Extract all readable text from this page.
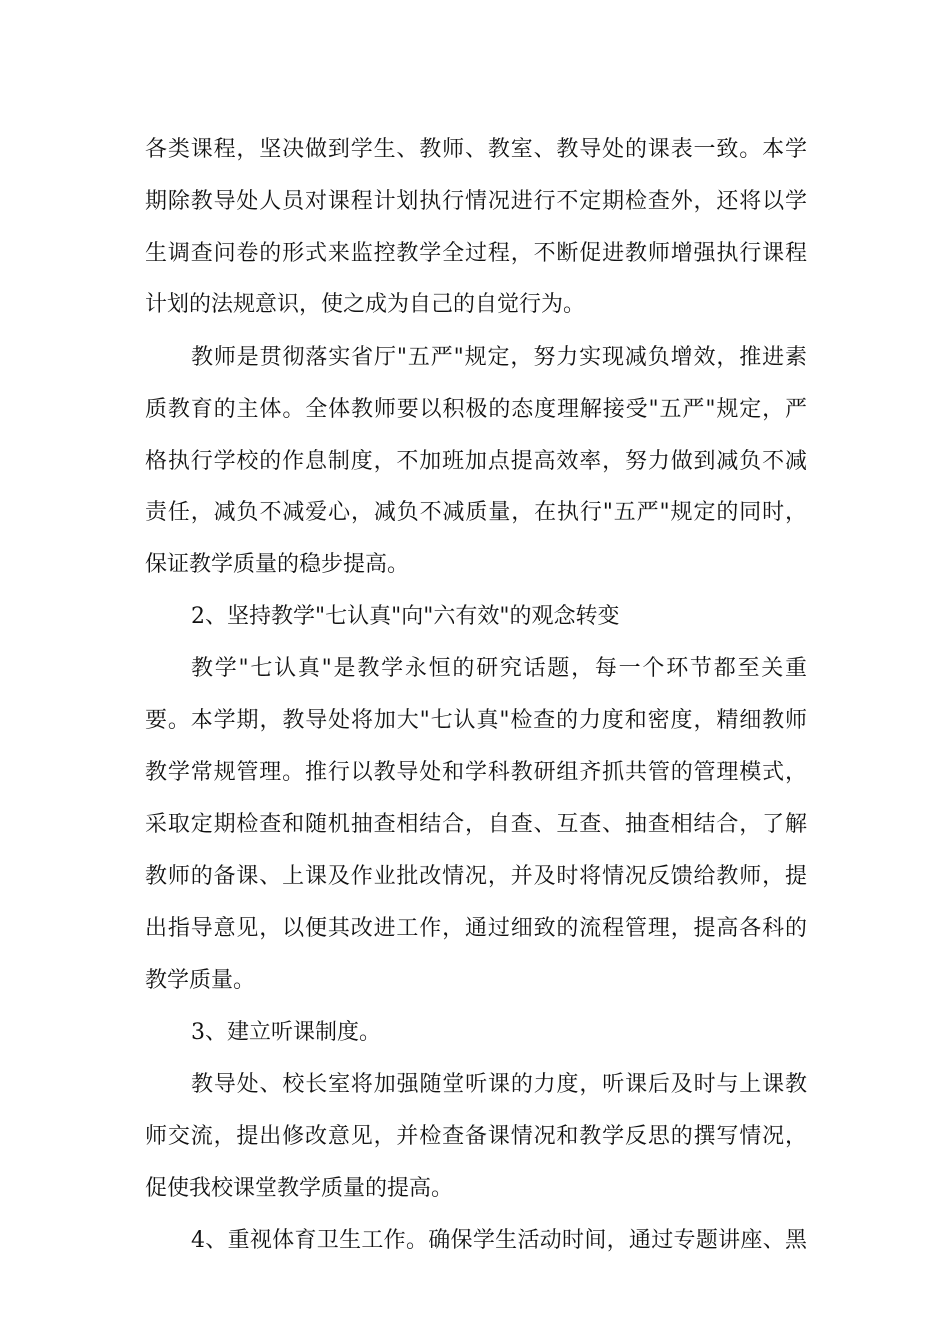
各类课程，坚决做到学生、教师、教室、教导处的课表一致。本学
期除教导处人员对课程计划执行情况进行不定期检查外，还将以学
生调查问卷的形式来监控教学全过程，不断促进教师增强执行课程
计划的法规意识，使之成为自己的自觉行为。
教师是贯彻落实省厅"五严"规定，努力实现减负增效，推进素
质教育的主体。全体教师要以积极的态度理解接受"五严"规定，严
格执行学校的作息制度，不加班加点提高效率，努力做到减负不减
责任，减负不减爱心，减负不减质量，在执行"五严"规定的同时，
保证教学质量的稳步提高。
2、坚持教学"七认真"向"六有效"的观念转变
教学"七认真"是教学永恒的研究话题，每一个环节都至关重
要。本学期，教导处将加大"七认真"检查的力度和密度，精细教师
教学常规管理。推行以教导处和学科教研组齐抓共管的管理模式，
采取定期检查和随机抽查相结合，自查、互查、抽查相结合，了解
教师的备课、上课及作业批改情况，并及时将情况反馈给教师，提
出指导意见，以便其改进工作，通过细致的流程管理，提高各科的
教学质量。
3、建立听课制度。
教导处、校长室将加强随堂听课的力度，听课后及时与上课教
师交流，提出修改意见，并检查备课情况和教学反思的撰写情况，
促使我校课堂教学质量的提高。
4、重视体育卫生工作。确保学生活动时间，通过专题讲座、黑
